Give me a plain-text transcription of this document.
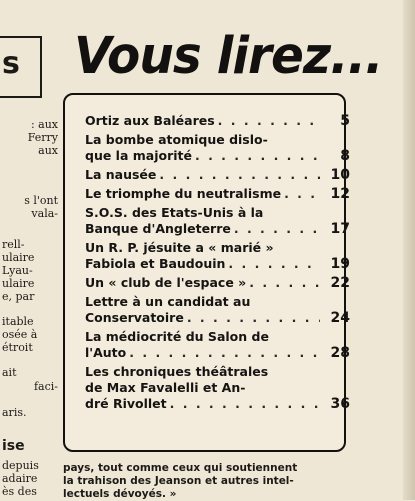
s
: aux
Ferry
aux
s l'ont
vala-
rell-
ulaire
Lyau-
ulaire
e, par
itable
osée à
étroit
ait
faci-
aris.
ise
depuis
adaire
ès des
Vous lirez...
Ortiz aux Baléares . . .	5
La bombe atomique dislo-
que la majorité . . .	8
La nausée . . .	10
Le triomphe du neutralisme . . .	12
S.O.S. des Etats-Unis à la
Banque d'Angleterre . . .	17
Un R. P. jésuite a « marié »
Fabiola et Baudouin . . .	19
Un « club de l'espace » . . .	22
Lettre à un candidat au
Conservatoire . . .	24
La médiocrité du Salon de
l'Auto . . .	28
Les chroniques théâtrales
de Max Favalelli et An-
dré Rivollet . . .	36
pays, tout comme ceux qui soutiennent
la trahison des Jeanson et autres intel-
lectuels dévoyés. »
